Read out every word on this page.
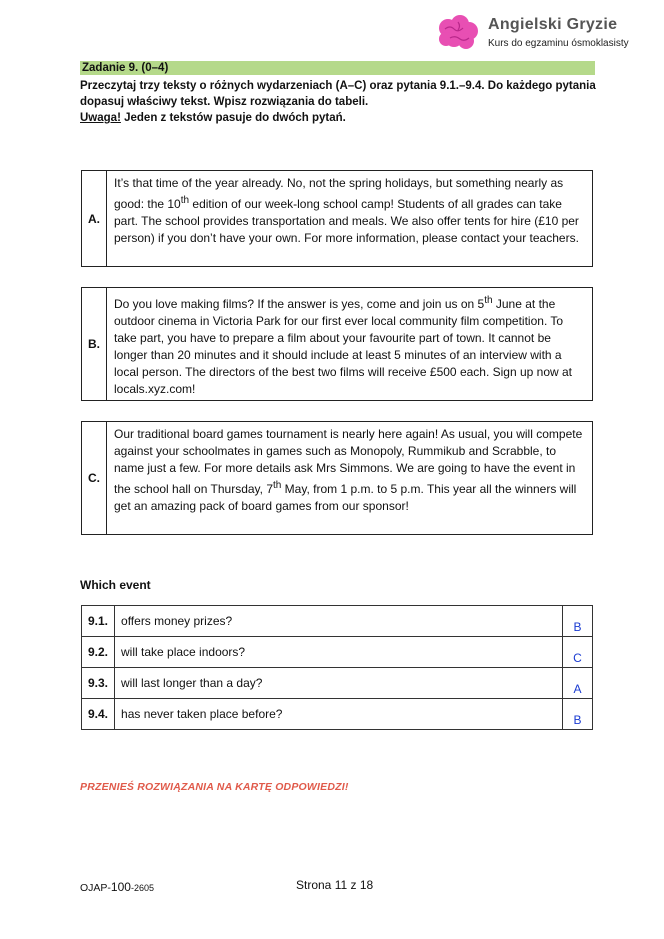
Angielski Gryzie
Kurs do egzaminu ósmoklasisty
Zadanie 9. (0–4)
Przeczytaj trzy teksty o różnych wydarzeniach (A–C) oraz pytania 9.1.–9.4. Do każdego pytania dopasuj właściwy tekst. Wpisz rozwiązania do tabeli.
Uwaga! Jeden z tekstów pasuje do dwóch pytań.
A.
It’s that time of the year already. No, not the spring holidays, but something nearly as good: the 10th edition of our week-long school camp! Students of all grades can take part. The school provides transportation and meals. We also offer tents for hire (£10 per person) if you don’t have your own. For more information, please contact your teachers.
B.
Do you love making films? If the answer is yes, come and join us on 5th June at the outdoor cinema in Victoria Park for our first ever local community film competition. To take part, you have to prepare a film about your favourite part of town. It cannot be longer than 20 minutes and it should include at least 5 minutes of an interview with a local person. The directors of the best two films will receive £500 each. Sign up now at locals.xyz.com!
C.
Our traditional board games tournament is nearly here again! As usual, you will compete against your schoolmates in games such as Monopoly, Rummikub and Scrabble, to name just a few. For more details ask Mrs Simmons. We are going to have the event in the school hall on Thursday, 7th May, from 1 p.m. to 5 p.m. This year all the winners will get an amazing pack of board games from our sponsor!
Which event
9.1.	offers money prizes?	B
9.2.	will take place indoors?	C
9.3.	will last longer than a day?	A
9.4.	has never taken place before?	B
PRZENIEŚ ROZWIĄZANIA NA KARTĘ ODPOWIEDZI!
OJAP-100-2605	Strona 11 z 18
